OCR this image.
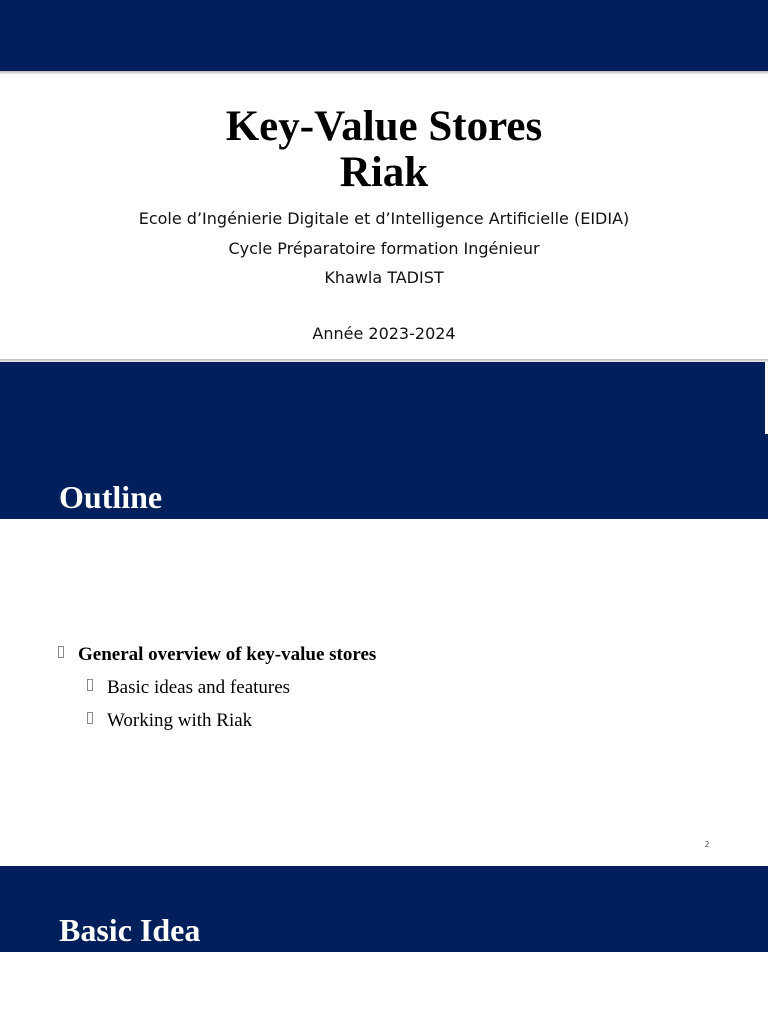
Key-Value Stores
Riak
Ecole d’Ingénierie Digitale et d’Intelligence Artificielle (EIDIA)
Cycle Préparatoire formation Ingénieur
Khawla TADIST
Année 2023-2024
Outline
General overview of key-value stores
Basic ideas and features
Working with Riak
2
Basic Idea
